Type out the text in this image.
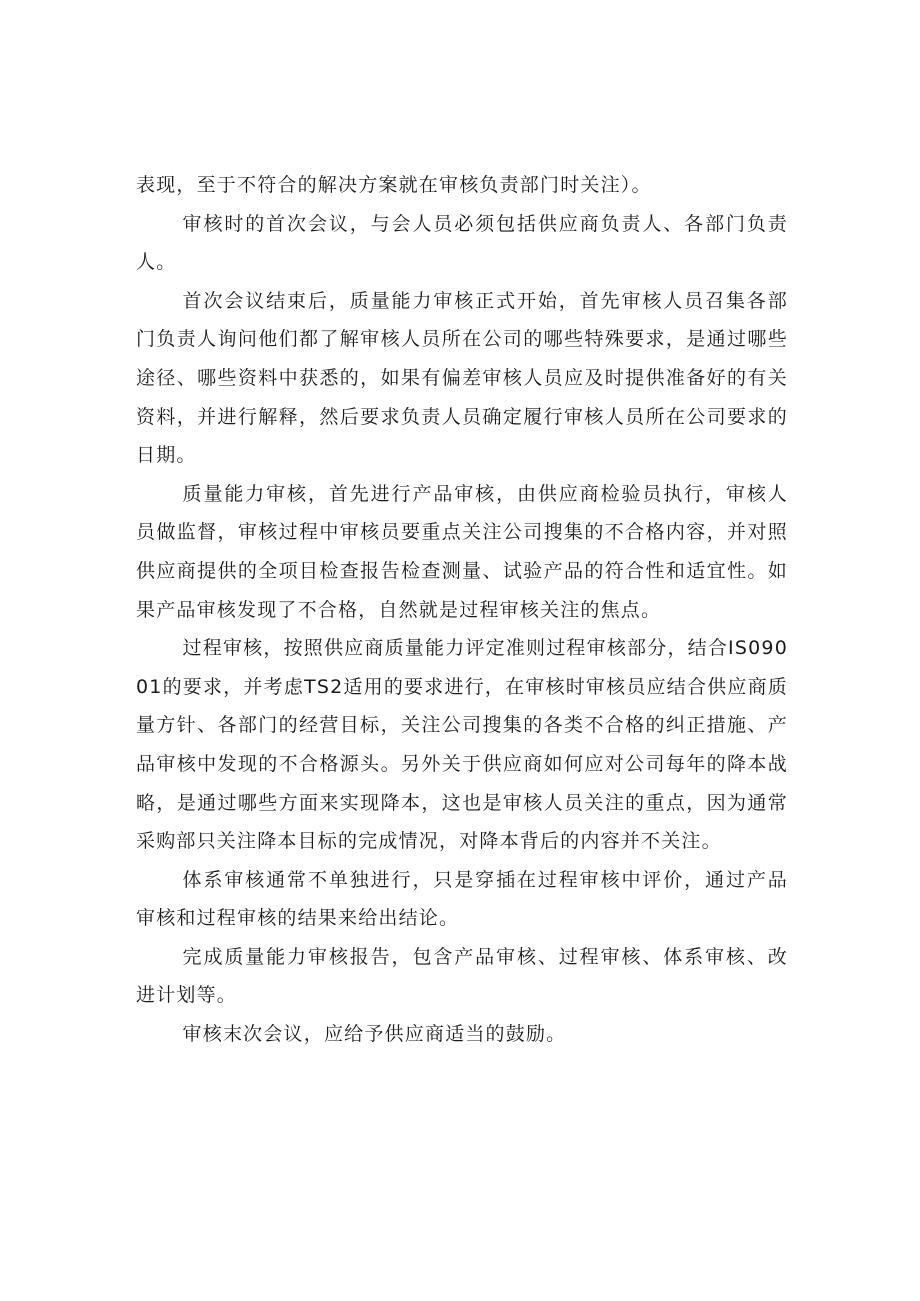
表现，至于不符合的解决方案就在审核负责部门时关注）。

审核时的首次会议，与会人员必须包括供应商负责人、各部门负责人。

首次会议结束后，质量能力审核正式开始，首先审核人员召集各部门负责人询问他们都了解审核人员所在公司的哪些特殊要求，是通过哪些途径、哪些资料中获悉的，如果有偏差审核人员应及时提供准备好的有关资料，并进行解释，然后要求负责人员确定履行审核人员所在公司要求的日期。

质量能力审核，首先进行产品审核，由供应商检验员执行，审核人员做监督，审核过程中审核员要重点关注公司搜集的不合格内容，并对照供应商提供的全项目检查报告检查测量、试验产品的符合性和适宜性。如果产品审核发现了不合格，自然就是过程审核关注的焦点。

过程审核，按照供应商质量能力评定准则过程审核部分，结合IS09001的要求，并考虑TS2适用的要求进行，在审核时审核员应结合供应商质量方针、各部门的经营目标，关注公司搜集的各类不合格的纠正措施、产品审核中发现的不合格源头。另外关于供应商如何应对公司每年的降本战略，是通过哪些方面来实现降本，这也是审核人员关注的重点，因为通常采购部只关注降本目标的完成情况，对降本背后的内容并不关注。

体系审核通常不单独进行，只是穿插在过程审核中评价，通过产品审核和过程审核的结果来给出结论。

完成质量能力审核报告，包含产品审核、过程审核、体系审核、改进计划等。

审核末次会议，应给予供应商适当的鼓励。
